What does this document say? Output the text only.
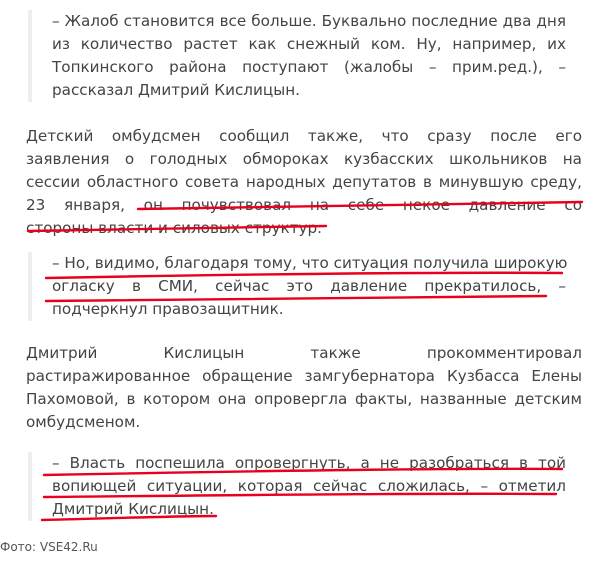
– Жалоб становится все больше. Буквально последние два дня
из количество растет как снежный ком. Ну, например, их
Топкинского района поступают (жалобы – прим.ред.), –
рассказал Дмитрий Кислицын.
Детский омбудсмен сообщил также, что сразу после его
заявления о голодных обмороках кузбасских школьников на
сессии областного совета народных депутатов в минувшую среду,
23 января, он почувствовал на себе некое давление со
стороны власти и силовых структур.
– Но, видимо, благодаря тому, что ситуация получила широкую
огласку в СМИ, сейчас это давление прекратилось, –
подчеркнул правозащитник.
Дмитрий Кислицын также прокомментировал
растиражированное обращение замгубернатора Кузбасса Елены
Пахомовой, в котором она опровергла факты, названные детским
омбудсменом.
– Власть поспешила опровергнуть, а не разобраться в той
вопиющей ситуации, которая сейчас сложилась, – отметил
Дмитрий Кислицын.
Фото: VSE42.Ru
